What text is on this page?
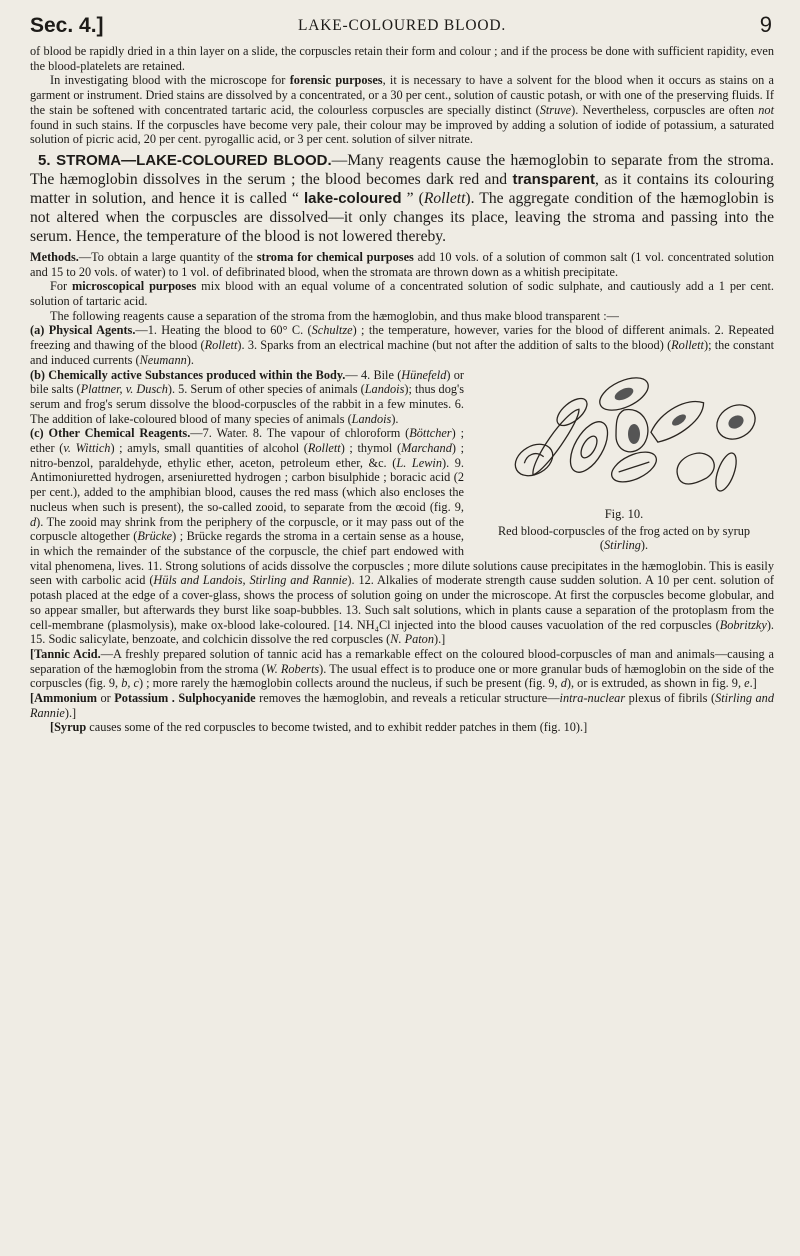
Sec. 4.]	LAKE-COLOURED BLOOD.	9

of blood be rapidly dried in a thin layer on a slide, the corpuscles retain their form and colour ; and if the process be done with sufficient rapidity, even the blood-platelets are retained.

In investigating blood with the microscope for forensic purposes, it is necessary to have a solvent for the blood when it occurs as stains on a garment or instrument. Dried stains are dissolved by a concentrated, or a 30 per cent., solution of caustic potash, or with one of the preserving fluids. If the stain be softened with concentrated tartaric acid, the colourless corpuscles are specially distinct (Struve). Nevertheless, corpuscles are often not found in such stains. If the corpuscles have become very pale, their colour may be improved by adding a solution of iodide of potassium, a saturated solution of picric acid, 20 per cent. pyrogallic acid, or 3 per cent. solution of silver nitrate.

5. STROMA—LAKE-COLOURED BLOOD.—Many reagents cause the hæmoglobin to separate from the stroma. The hæmoglobin dissolves in the serum ; the blood becomes dark red and transparent, as it contains its colouring matter in solution, and hence it is called “ lake-coloured ” (Rollett). The aggregate condition of the hæmoglobin is not altered when the corpuscles are dissolved—it only changes its place, leaving the stroma and passing into the serum. Hence, the temperature of the blood is not lowered thereby.

Methods.—To obtain a large quantity of the stroma for chemical purposes add 10 vols. of a solution of common salt (1 vol. concentrated solution and 15 to 20 vols. of water) to 1 vol. of defibrinated blood, when the stromata are thrown down as a whitish precipitate.

For microscopical purposes mix blood with an equal volume of a concentrated solution of sodic sulphate, and cautiously add a 1 per cent. solution of tartaric acid.

The following reagents cause a separation of the stroma from the hæmoglobin, and thus make blood transparent :—

(a) Physical Agents.—1. Heating the blood to 60° C. (Schultze) ; the temperature, however, varies for the blood of different animals. 2. Repeated freezing and thawing of the blood (Rollett). 3. Sparks from an electrical machine (but not after the addition of salts to the blood) (Rollett); the constant and induced currents (Neumann).

Fig. 10.

(b) Chemically active Substances produced within the Body.— 4. Bile (Hünefeld) or bile salts (Plattner, v. Dusch). 5. Serum of other species of animals (Landois); thus dog's serum and frog's serum dissolve the blood-corpuscles of the rabbit in a few minutes. 6. The addition of lake-coloured blood of many species of animals (Landois).

Red blood-corpuscles of the frog acted on by syrup (Stirling).

(c) Other Chemical Reagents.—7. Water. 8. The vapour of chloroform (Böttcher) ; ether (v. Wittich) ; amyls, small quantities of alcohol (Rollett) ; thymol (Marchand) ; nitro-benzol, paraldehyde, ethylic ether, aceton, petroleum ether, &c. (L. Lewin). 9. Antimoniuretted hydrogen, arseniuretted hydrogen ; carbon bisulphide ; boracic acid (2 per cent.), added to the amphibian blood, causes the red mass (which also encloses the nucleus when such is present), the so-called zooid, to separate from the œcoid (fig. 9, d). The zooid may shrink from the periphery of the corpuscle, or it may pass out of the corpuscle altogether (Brücke) ; Brücke regards the stroma in a certain sense as a house, in which the remainder of the substance of the corpuscle, the chief part endowed with vital phenomena, lives. 11. Strong solutions of acids dissolve the corpuscles ; more dilute solutions cause precipitates in the hæmoglobin. This is easily seen with carbolic acid (Hüls and Landois, Stirling and Rannie). 12. Alkalies of moderate strength cause sudden solution. A 10 per cent. solution of potash placed at the edge of a cover-glass, shows the process of solution going on under the microscope. At first the corpuscles become globular, and so appear smaller, but afterwards they burst like soap-bubbles. 13. Such salt solutions, which in plants cause a separation of the protoplasm from the cell-membrane (plasmolysis), make ox-blood lake-coloured. [14. NH₄Cl injected into the blood causes vacuolation of the red corpuscles (Bobritzky). 15. Sodic salicylate, benzoate, and colchicin dissolve the red corpuscles (N. Paton).]

[Tannic Acid.—A freshly prepared solution of tannic acid has a remarkable effect on the coloured blood-corpuscles of man and animals—causing a separation of the hæmoglobin from the stroma (W. Roberts). The usual effect is to produce one or more granular buds of hæmoglobin on the side of the corpuscles (fig. 9, b, c) ; more rarely the hæmoglobin collects around the nucleus, if such be present (fig. 9, d), or is extruded, as shown in fig. 9, e.]

[Ammonium or Potassium . Sulphocyanide removes the hæmoglobin, and reveals a reticular structure—intra-nuclear plexus of fibrils (Stirling and Rannie).]

[Syrup causes some of the red corpuscles to become twisted, and to exhibit redder patches in them (fig. 10).]
